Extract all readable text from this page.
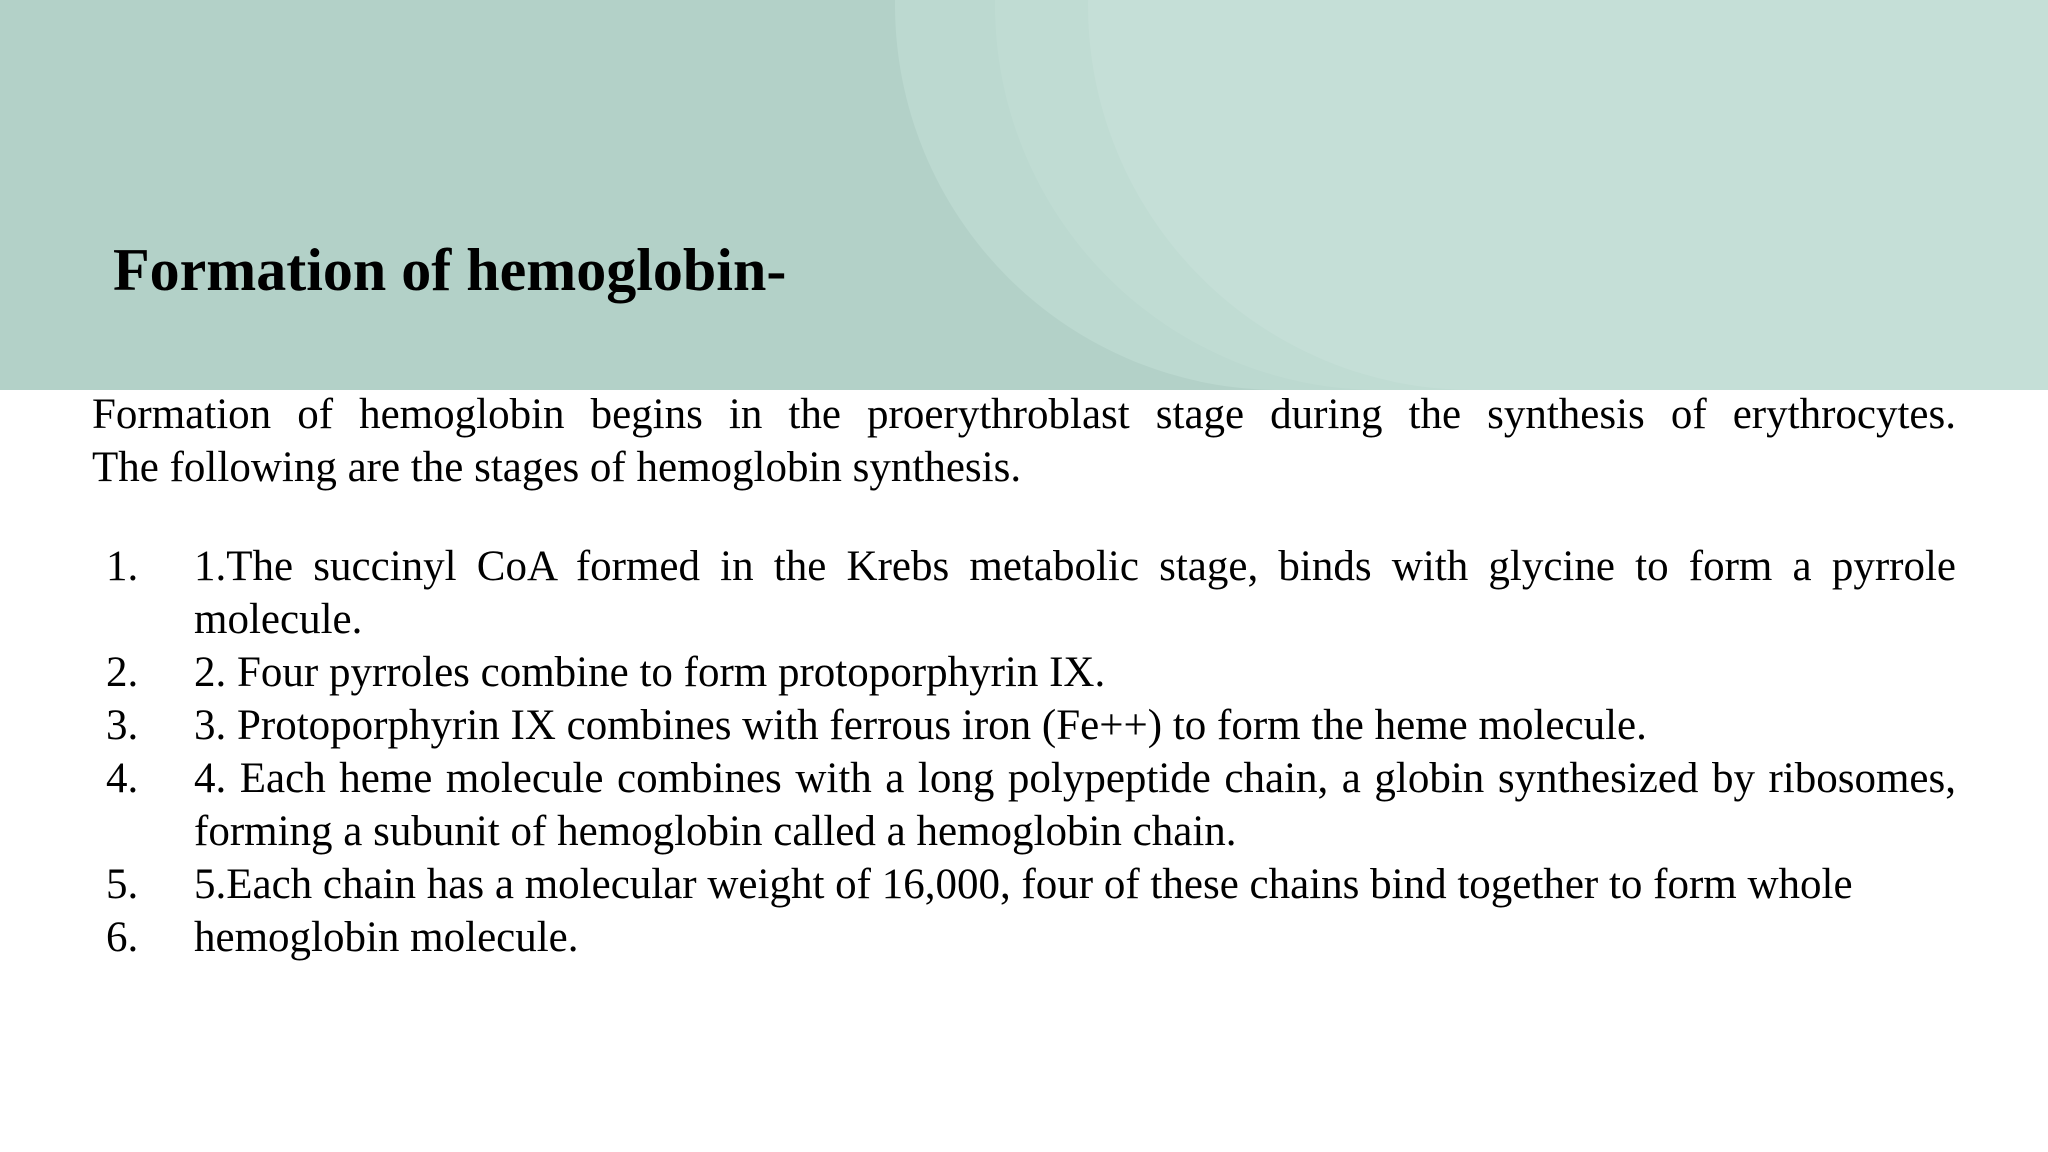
Formation of hemoglobin-

Formation of hemoglobin begins in the proerythroblast stage during the synthesis of erythrocytes.
The following are the stages of hemoglobin synthesis.

1.	1.The succinyl CoA formed in the Krebs metabolic stage, binds with glycine to form a pyrrole molecule.
2.	2. Four pyrroles combine to form protoporphyrin IX.
3.	3. Protoporphyrin IX combines with ferrous iron (Fe++) to form the heme molecule.
4.	4. Each heme molecule combines with a long polypeptide chain, a globin synthesized by ribosomes, forming a subunit of hemoglobin called a hemoglobin chain.
5.	5.Each chain has a molecular weight of 16,000, four of these chains bind together to form whole
6.	hemoglobin molecule.
